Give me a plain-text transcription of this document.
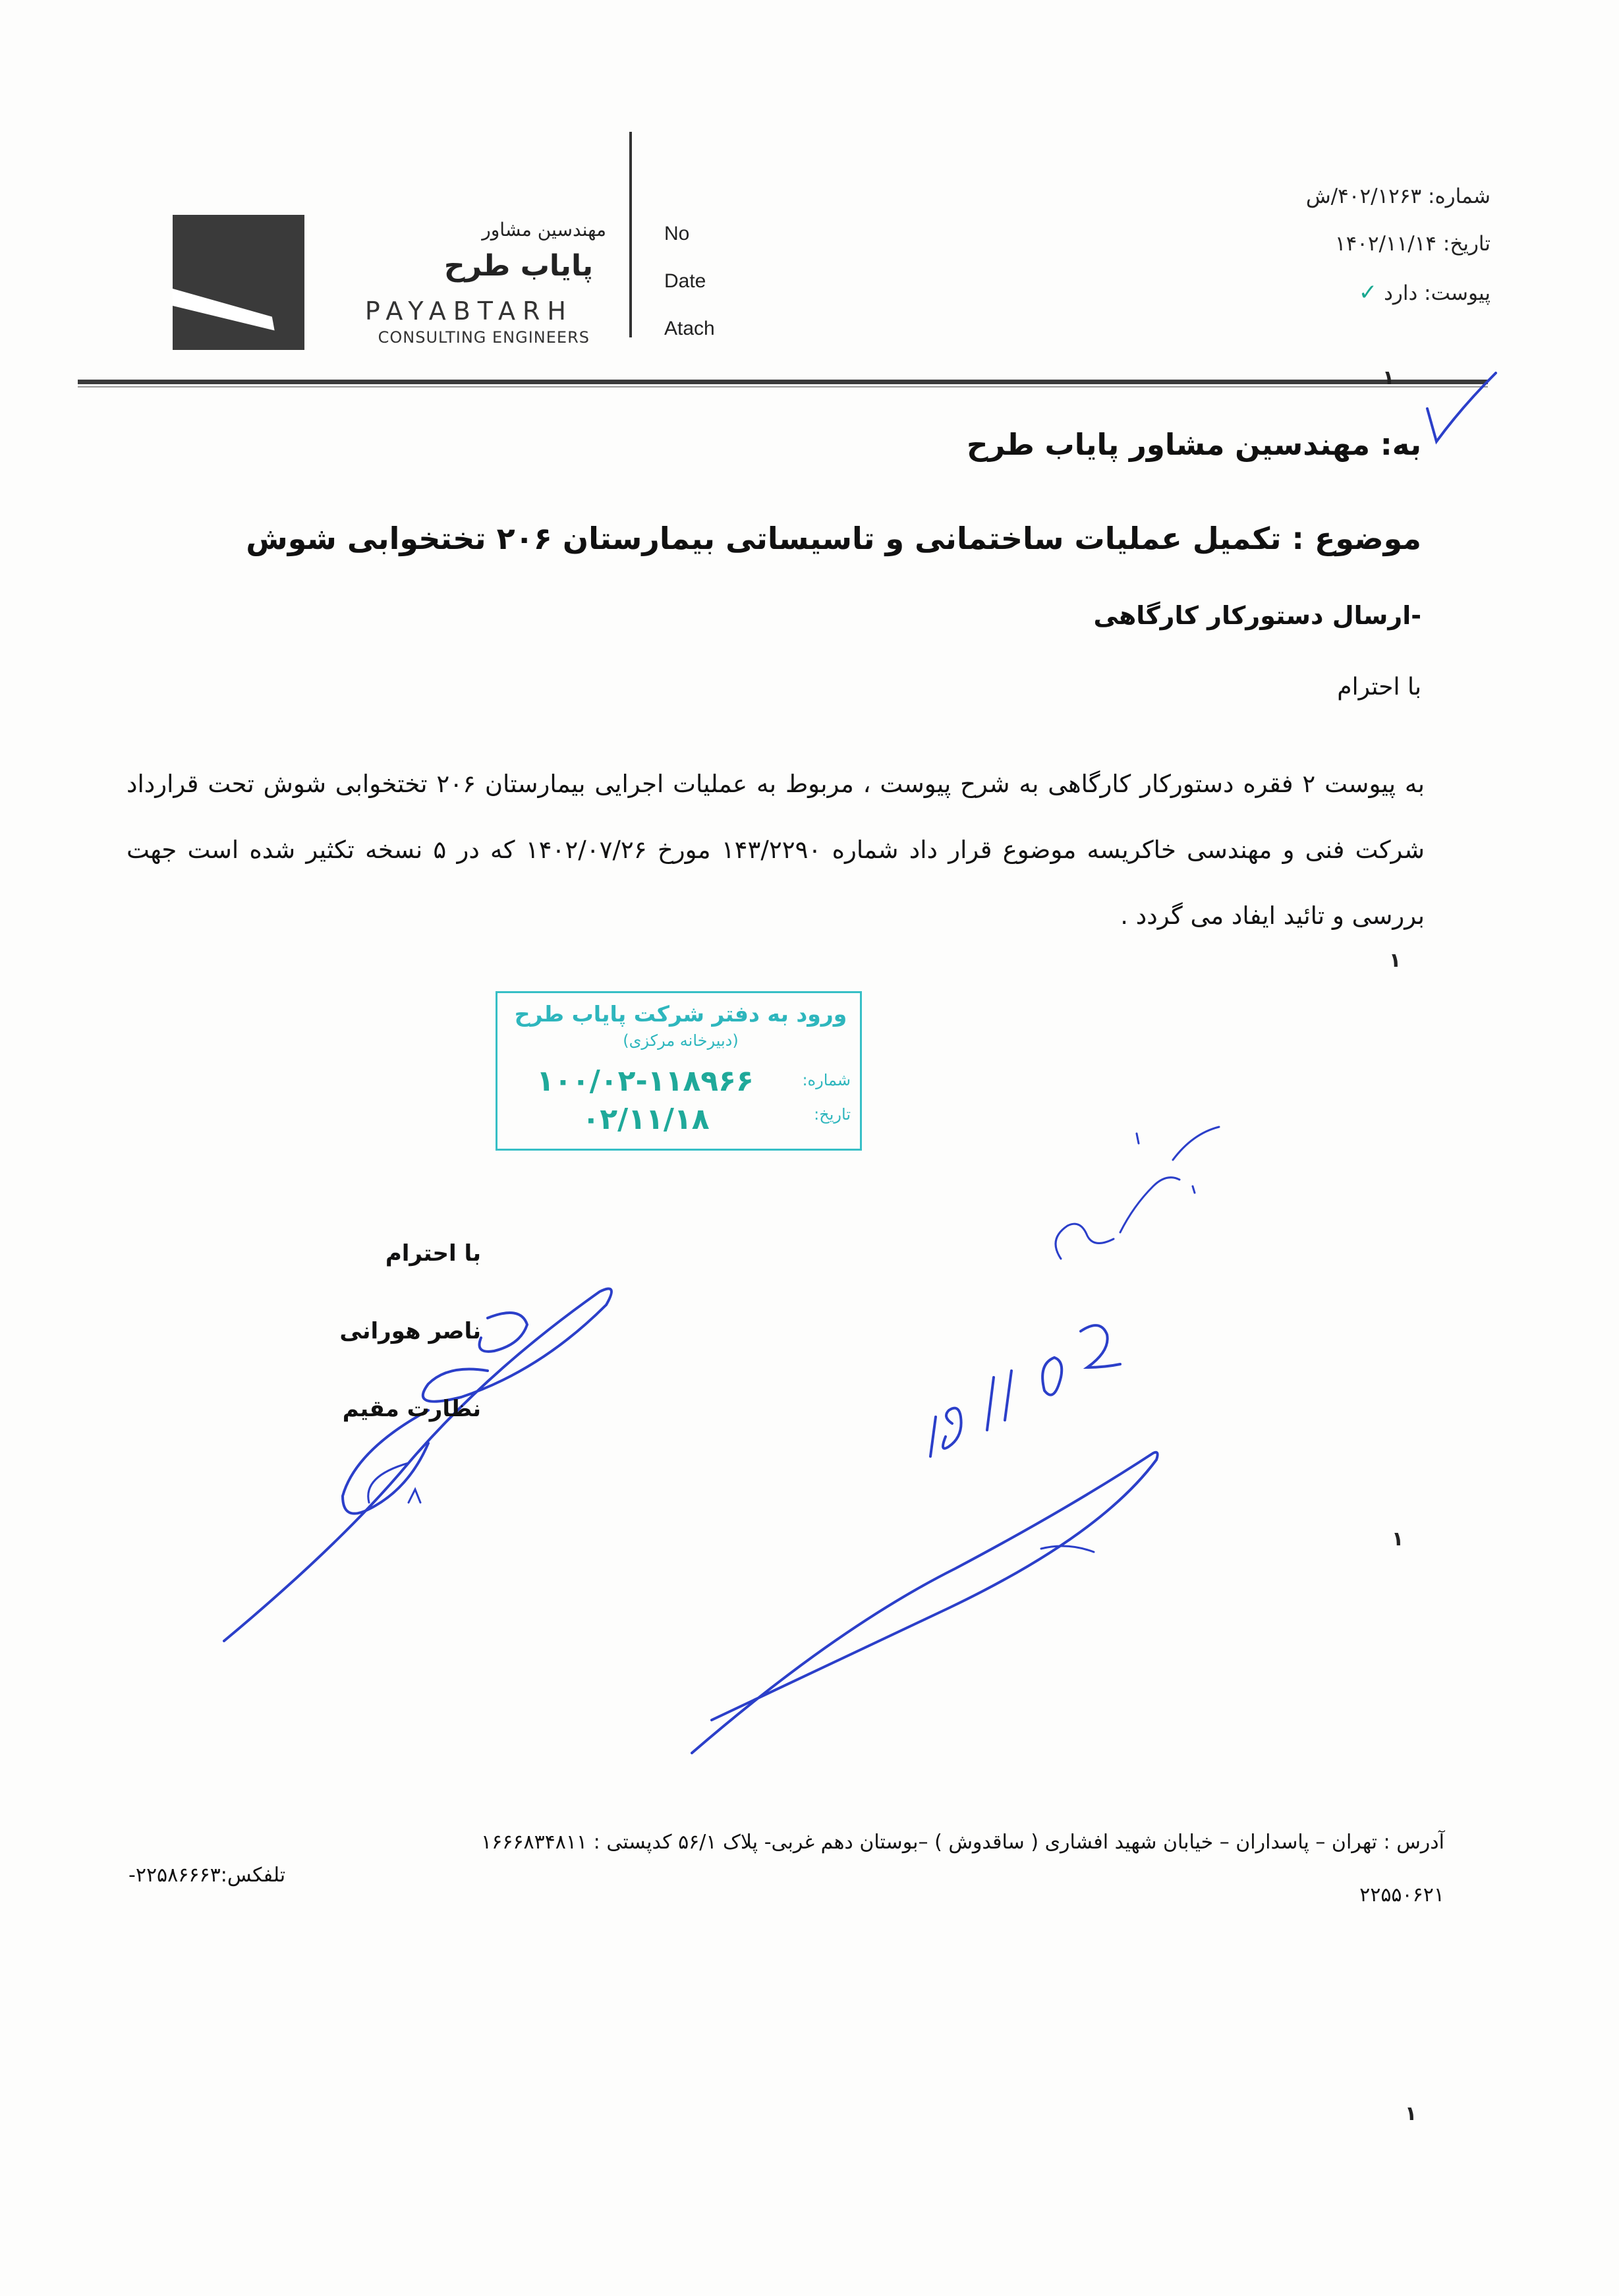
مهندسین مشاور
پایاب طرح
PAYABTARH
CONSULTING ENGINEERS
No
Date
Atach
شماره: ۴۰۲/۱۲۶۳/ش
تاریخ: ۱۴۰۲/۱۱/۱۴
پیوست: دارد ✓
١
به: مهندسین مشاور پایاب طرح
موضوع : تکمیل عملیات ساختمانی و تاسیساتی بیمارستان ۲۰۶ تختخوابی شوش
-ارسال دستورکار کارگاهی
با احترام
به پیوست ۲ فقره دستورکار کارگاهی به شرح پیوست ، مربوط به عملیات اجرایی بیمارستان ۲۰۶ تختخوابی شوش تحت قرارداد شرکت فنی و مهندسی خاکریسه موضوع قرار داد شماره ۱۴۳/۲۲۹۰ مورخ ۱۴۰۲/۰۷/۲۶ که در ۵ نسخه تکثیر شده است جهت بررسی و تائید ایفاد می گردد .
١
ورود به دفتر شرکت پایاب طرح
(دبیرخانه مرکزی)
شماره:
تاریخ:
۱۰۰/۰۲-۱۱۸۹۶۶
۰۲/۱۱/۱۸
با احترام
ناصر هورانی
نظارت مقیم
١
آدرس : تهران – پاسداران – خیابان شهید افشاری ( ساقدوش ) –بوستان دهم غربی- پلاک ۵۶/۱ کدپستی : ۱۶۶۶۸۳۴۸۱۱
۲۲۵۵۰۶۲۱
تلفکس:۲۲۵۸۶۶۶۳-
١
